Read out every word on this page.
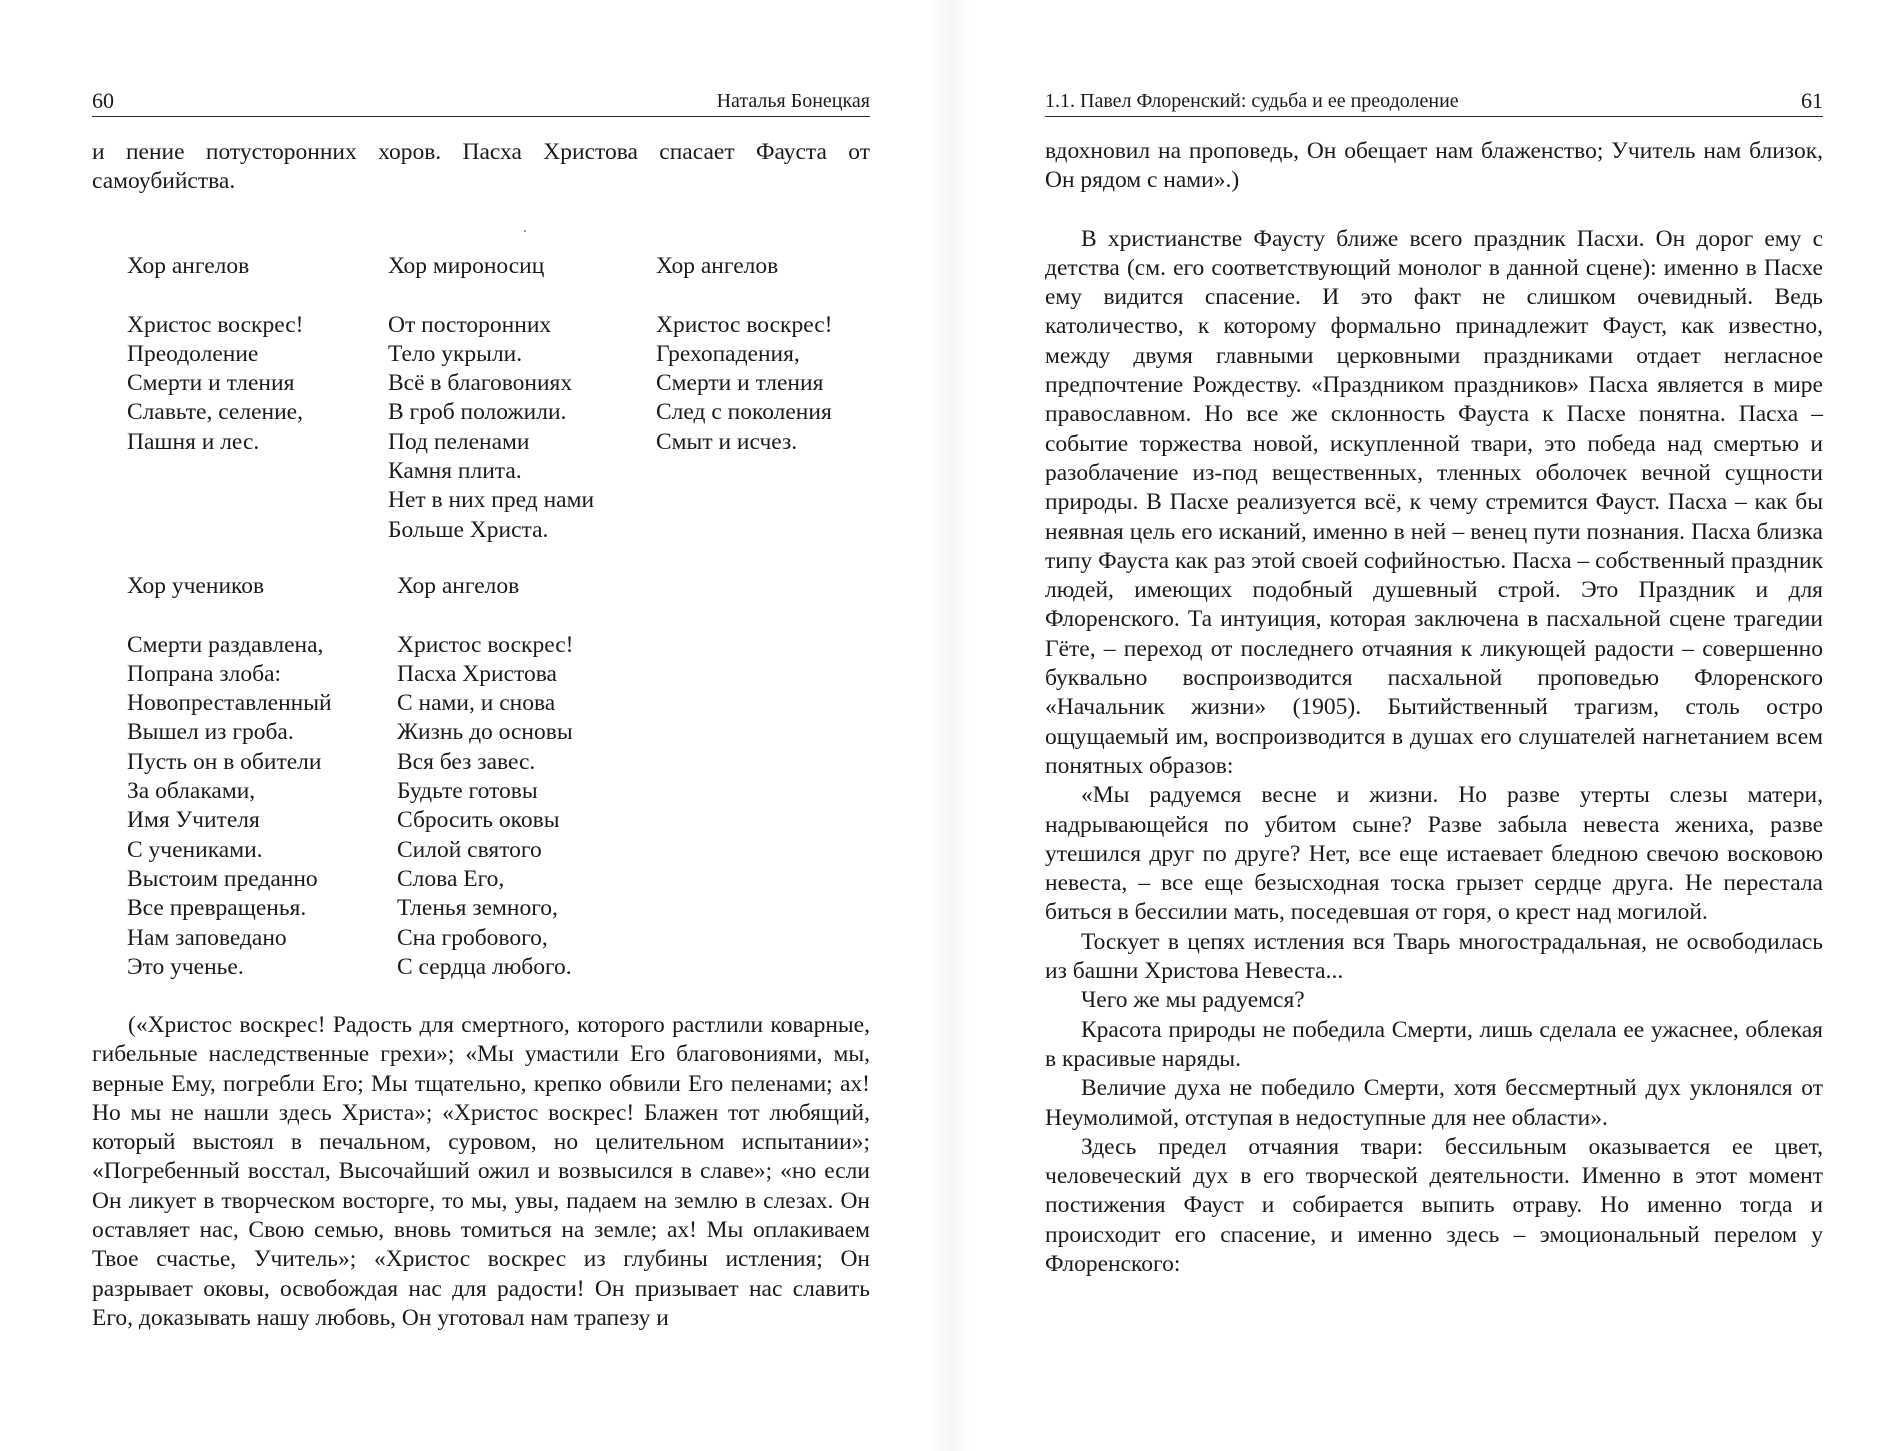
60	Наталья Бонецкая

и пение потусторонних хоров. Пасха Христова спасает Фауста от самоубийства.

Хор ангелов
Христос воскрес!
Преодоление
Смерти и тления
Славьте, селение,
Пашня и лес.
Хор мироносиц
От посторонних
Тело укрыли.
Всё в благовониях
В гроб положили.
Под пеленами
Камня плита.
Нет в них пред нами
Больше Христа.
Хор ангелов
Христос воскрес!
Грехопадения,
Смерти и тления
След с поколения
Смыт и исчез.
Хор учеников
Смерти раздавлена,
Попрана злоба:
Новопреставленный
Вышел из гроба.
Пусть он в обители
За облаками,
Имя Учителя
С учениками.
Выстоим преданно
Все превращенья.
Нам заповедано
Это ученье.
Хор ангелов
Христос воскрес!
Пасха Христова
С нами, и снова
Жизнь до основы
Вся без завес.
Будьте готовы
Сбросить оковы
Силой святого
Слова Его,
Тленья земного,
Сна гробового,
С сердца любого.

(«Христос воскрес! Радость для смертного, которого растлили коварные, гибельные наследственные грехи»; «Мы умастили Его благовониями, мы, верные Ему, погребли Его; Мы тщательно, крепко обвили Его пеленами; ах! Но мы не нашли здесь Христа»; «Христос воскрес! Блажен тот любящий, который выстоял в печальном, суровом, но целительном испытании»; «Погребенный восстал, Высочайший ожил и возвысился в славе»; «но если Он ликует в творческом восторге, то мы, увы, падаем на землю в слезах. Он оставляет нас, Свою семью, вновь томиться на земле; ах! Мы оплакиваем Твое счастье, Учитель»; «Христос воскрес из глубины истления; Он разрывает оковы, освобождая нас для радости! Он призывает нас славить Его, доказывать нашу любовь, Он уготовал нам трапезу и

1.1. Павел Флоренский: судьба и ее преодоление	61

вдохновил на проповедь, Он обещает нам блаженство; Учитель нам близок, Он рядом с нами».)

В христианстве Фаусту ближе всего праздник Пасхи. Он дорог ему с детства (см. его соответствующий монолог в данной сцене): именно в Пасхе ему видится спасение. И это факт не слишком очевидный. Ведь католичество, к которому формально принадлежит Фауст, как известно, между двумя главными церковными праздниками отдает негласное предпочтение Рождеству. «Праздником праздников» Пасха является в мире православном. Но все же склонность Фауста к Пасхе понятна. Пасха – событие торжества новой, искупленной твари, это победа над смертью и разоблачение из-под вещественных, тленных оболочек вечной сущности природы. В Пасхе реализуется всё, к чему стремится Фауст. Пасха – как бы неявная цель его исканий, именно в ней – венец пути познания. Пасха близка типу Фауста как раз этой своей софийностью. Пасха – собственный праздник людей, имеющих подобный душевный строй. Это Праздник и для Флоренского. Та интуиция, которая заключена в пасхальной сцене трагедии Гёте, – переход от последнего отчаяния к ликующей радости – совершенно буквально воспроизводится пасхальной проповедью Флоренского «Начальник жизни» (1905). Бытийственный трагизм, столь остро ощущаемый им, воспроизводится в душах его слушателей нагнетанием всем понятных образов:

«Мы радуемся весне и жизни. Но разве утерты слезы матери, надрывающейся по убитом сыне? Разве забыла невеста жениха, разве утешился друг по друге? Нет, все еще истаевает бледною свечою восковою невеста, – все еще безысходная тоска грызет сердце друга. Не перестала биться в бессилии мать, поседевшая от горя, о крест над могилой.

Тоскует в цепях истления вся Тварь многострадальная, не освободилась из башни Христова Невеста...

Чего же мы радуемся?

Красота природы не победила Смерти, лишь сделала ее ужаснее, облекая в красивые наряды.

Величие духа не победило Смерти, хотя бессмертный дух уклонялся от Неумолимой, отступая в недоступные для нее области».

Здесь предел отчаяния твари: бессильным оказывается ее цвет, человеческий дух в его творческой деятельности. Именно в этот момент постижения Фауст и собирается выпить отраву. Но именно тогда и происходит его спасение, и именно здесь – эмоциональный перелом у Флоренского:
